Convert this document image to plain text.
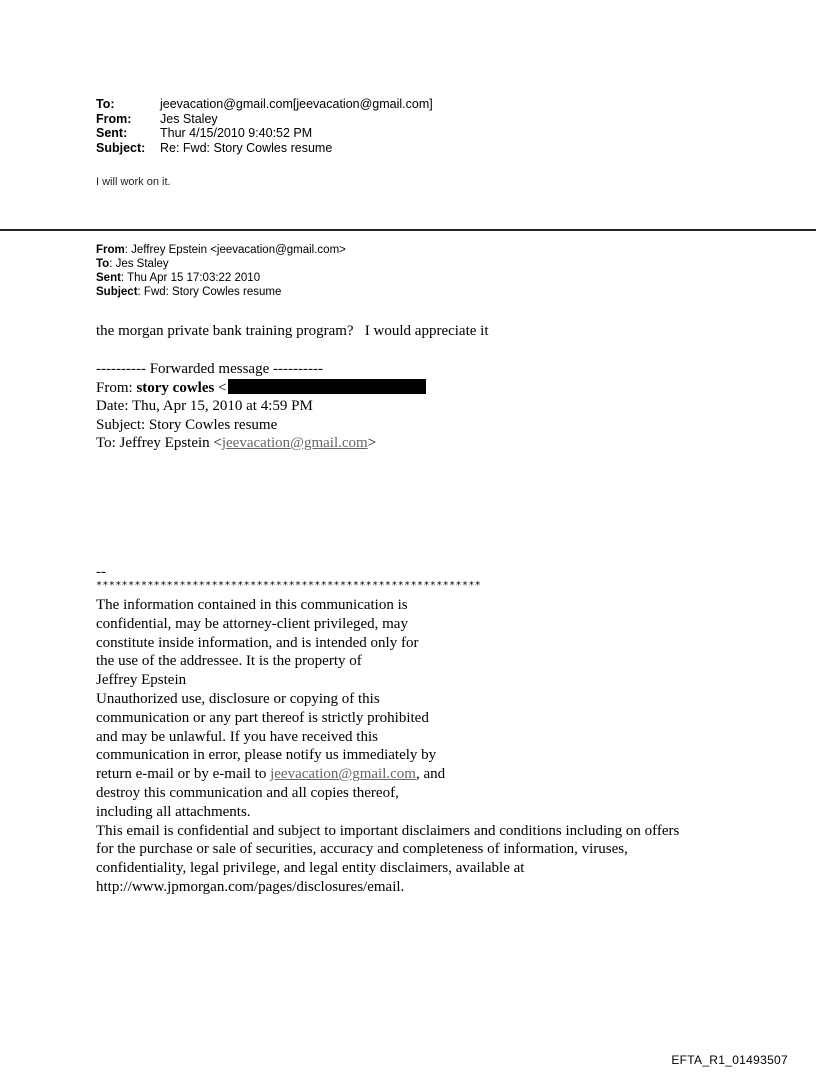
To:	jeevacation@gmail.com[jeevacation@gmail.com]
From:	Jes Staley
Sent:	Thur 4/15/2010 9:40:52 PM
Subject:	Re: Fwd: Story Cowles resume
I will work on it.
From: Jeffrey Epstein <jeevacation@gmail.com>
To: Jes Staley
Sent: Thu Apr 15 17:03:22 2010
Subject: Fwd: Story Cowles resume
the morgan private bank training program?   I would appreciate it
---------- Forwarded message ----------
From: story cowles <
Date: Thu, Apr 15, 2010 at 4:59 PM
Subject: Story Cowles resume
To: Jeffrey Epstein <jeevacation@gmail.com>
--
************************************************************
The information contained in this communication is
confidential, may be attorney-client privileged, may
constitute inside information, and is intended only for
the use of the addressee. It is the property of
Jeffrey Epstein
Unauthorized use, disclosure or copying of this
communication or any part thereof is strictly prohibited
and may be unlawful. If you have received this
communication in error, please notify us immediately by
return e-mail or by e-mail to jeevacation@gmail.com, and
destroy this communication and all copies thereof,
including all attachments.
This email is confidential and subject to important disclaimers and conditions including on offers
for the purchase or sale of securities, accuracy and completeness of information, viruses,
confidentiality, legal privilege, and legal entity disclaimers, available at
http://www.jpmorgan.com/pages/disclosures/email.
EFTA_R1_01493507
